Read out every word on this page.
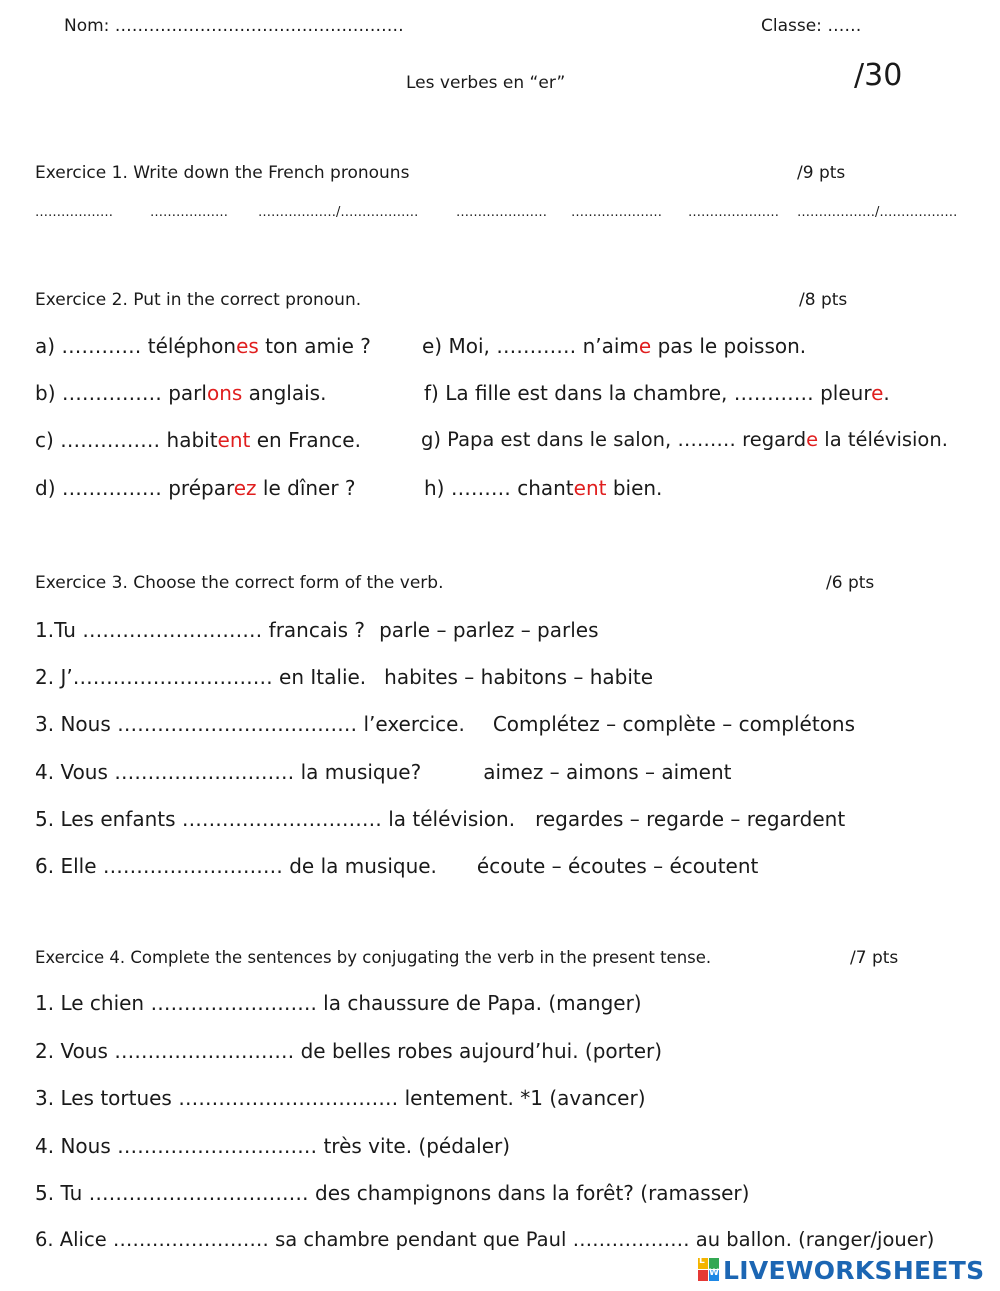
Nom: ……………………………………………	Classe: ……
Les verbes en “er”	/30
Exercice 1. Write down the French pronouns	/9 pts
………………	……………… ………………/………………	………………… ………………… ………………… ………………/………………
Exercice 2. Put in the correct pronoun.	/8 pts
a) ………… téléphones ton amie ?
b) …………… parlons anglais.
c) …………… habitent en France.
d) …………… préparez le dîner ?
e) Moi, ………… n’aime pas le poisson.
f) La fille est dans la chambre, ………… pleure.
g) Papa est dans le salon, ……… regarde la télévision.
h) ……… chantent bien.
Exercice 3. Choose the correct form of the verb.	/6 pts
1.Tu ……………………… francais ? parle – parlez – parles
2. J’………………………… en Italie. habites – habitons – habite
3. Nous ……………………………… l’exercice. Complétez – complète – complétons
4. Vous ……………………… la musique?	aimez – aimons – aiment
5. Les enfants ………………………… la télévision. regardes – regarde – regardent
6. Elle ……………………… de la musique. écoute – écoutes – écoutent
Exercice 4. Complete the sentences by conjugating the verb in the present tense.	/7 pts
1. Le chien ……………………. la chaussure de Papa. (manger)
2. Vous ……………………… de belles robes aujourd’hui. (porter)
3. Les tortues …………………………… lentement. *1 (avancer)
4. Nous ………………………… très vite. (pédaler)
5. Tu …………………………… des champignons dans la forêt? (ramasser)
6. Alice …………………… sa chambre pendant que Paul ……………… au ballon. (ranger/jouer)
L
W LIVEWORKSHEETS
